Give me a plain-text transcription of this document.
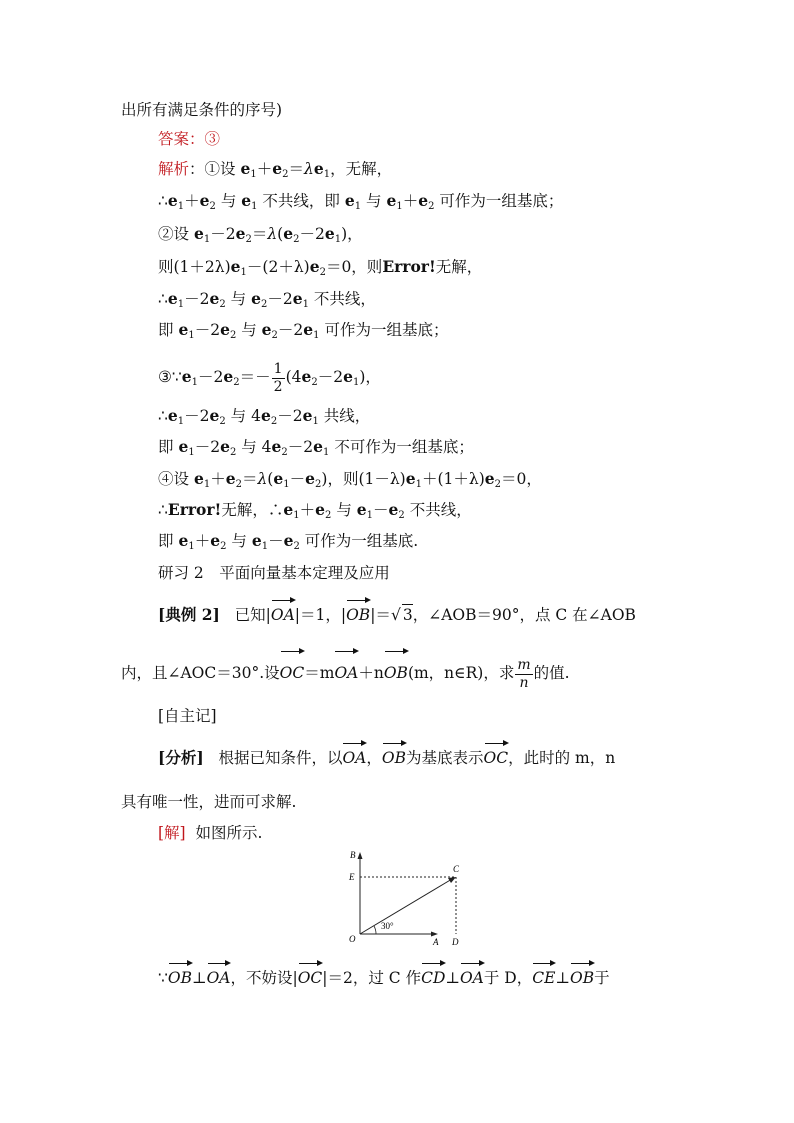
出所有满足条件的序号)
答案：③
解析：①设 $e_1+e_2=\lambda e_1$，无解，
$\therefore e_1+e_2$ 与 $e_1$ 不共线，即 $e_1$ 与 $e_1+e_2$ 可作为一组基底；
②设 $e_1-2e_2=\lambda(e_2-2e_1)$，
则$(1+2\lambda)e_1-(2+\lambda)e_2=0$，则Error!无解，
$\therefore e_1-2e_2$ 与 $e_2-2e_1$ 不共线，
即 $e_1-2e_2$ 与 $e_2-2e_1$ 可作为一组基底；
$③\because e_1-2e_2=- \frac{1}{2} (4e_2-2e_1)$，
$\therefore e_1-2e_2$ 与 $4e_2-2e_1$ 共线，
即 $e_1-2e_2$ 与 $4e_2-2e_1$ 不可作为一组基底；
④设 $e_1+e_2=\lambda(e_1-e_2)$，则$(1-\lambda)e_1+(1+\lambda)e_2=0$，
∴Error!无解，$\therefore e_1+e_2$ 与 $e_1-e_2$ 不共线，
即 $e_1+e_2$ 与 $e_1-e_2$ 可作为一组基底.
研习 2　平面向量基本定理及应用
[典例 2] 已知|OA|＝1，|OB|＝√ 3，∠AOB＝90°，点 C 在∠AOB
内，且∠AOC＝30°.设OC＝mOA＋nOB(m，n∈R)，求 $\frac{m}{n}$ 的值.
[自主记]
[分析] 根据已知条件，以OA，OB为基底表示OC，此时的 m，n
具有唯一性，进而可求解.
[解] 如图所示.
30°
B
E
C
O	A D
∵OB⊥OA，不妨设|OC|＝2，过 C 作CD⊥OA于 D，CE⊥OB于
